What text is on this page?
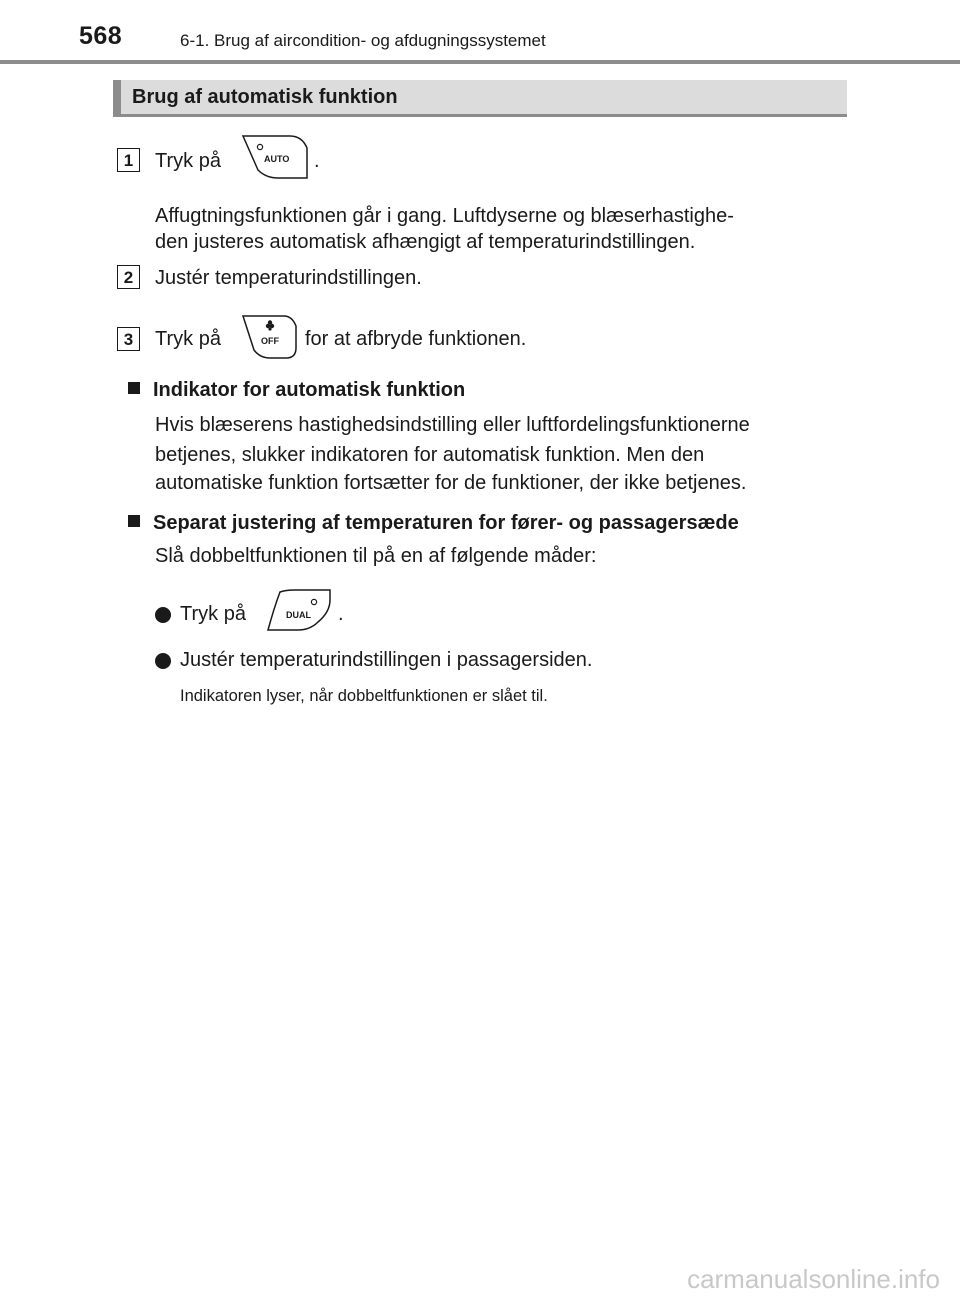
568	6-1. Brug af aircondition- og afdugningssystemet
Brug af automatisk funktion
1	Tryk på	AUTO .
Affugtningsfunktionen går i gang. Luftdyserne og blæserhastighe-
den justeres automatisk afhængigt af temperaturindstillingen.
2	Justér temperaturindstillingen.
3	Tryk på	OFF for at afbryde funktionen.
Indikator for automatisk funktion
Hvis blæserens hastighedsindstilling eller luftfordelingsfunktionerne
betjenes, slukker indikatoren for automatisk funktion. Men den
automatiske funktion fortsætter for de funktioner, der ikke betjenes.
Separat justering af temperaturen for fører- og passagersæde
Slå dobbeltfunktionen til på en af følgende måder:
Tryk på	DUAL .
Justér temperaturindstillingen i passagersiden.
Indikatoren lyser, når dobbeltfunktionen er slået til.
carmanualsonline.info
